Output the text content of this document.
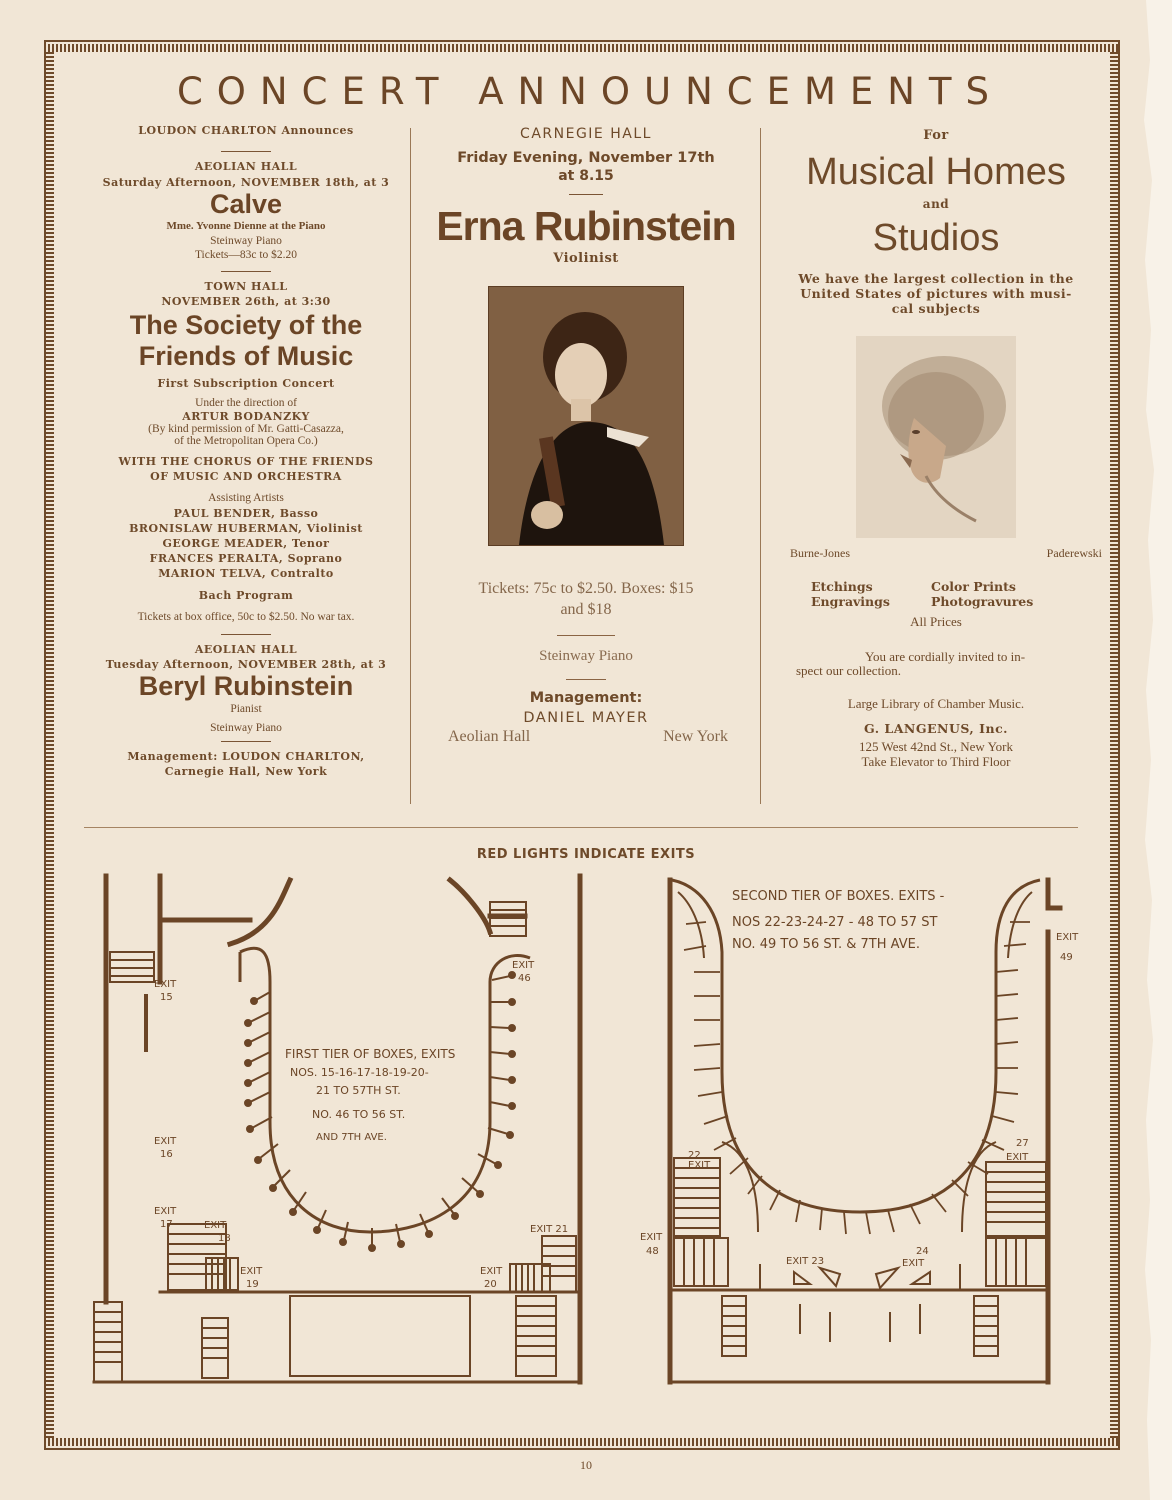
CONCERT ANNOUNCEMENTS
LOUDON CHARLTON Announces
AEOLIAN HALL
Saturday Afternoon, NOVEMBER 18th, at 3
Calve
Mme. Yvonne Dienne at the Piano
Steinway Piano
Tickets—83c to $2.20
TOWN HALL
NOVEMBER 26th, at 3:30
The Society of the
Friends of Music
First Subscription Concert
Under the direction of
ARTUR BODANZKY
(By kind permission of Mr. Gatti-Casazza,
of the Metropolitan Opera Co.)
WITH THE CHORUS OF THE FRIENDS
OF MUSIC AND ORCHESTRA
Assisting Artists
PAUL BENDER, Basso
BRONISLAW HUBERMAN, Violinist
GEORGE MEADER, Tenor
FRANCES PERALTA, Soprano
MARION TELVA, Contralto
Bach Program
Tickets at box office, 50c to $2.50. No war tax.
AEOLIAN HALL
Tuesday Afternoon, NOVEMBER 28th, at 3
Beryl Rubinstein
Pianist
Steinway Piano
Management: LOUDON CHARLTON,
Carnegie Hall, New York
CARNEGIE HALL
Friday Evening, November 17th
at 8.15
Erna Rubinstein
Violinist
Tickets: 75c to $2.50. Boxes: $15
and $18
Steinway Piano
Management:
DANIEL MAYER
Aeolian Hall	New York
For
Musical Homes
and
Studios
We have the largest collection in the
United States of pictures with musi-
cal subjects
Burne-Jones	Paderewski
Etchings	Color Prints
Engravings	Photogravures
All Prices
You are cordially invited to in-
spect our collection.
Large Library of Chamber Music.
G. LANGENUS, Inc.
125 West 42nd St., New York
Take Elevator to Third Floor
RED LIGHTS INDICATE EXITS
EXIT
15
EXIT
16
EXIT
17	EXIT
18
EXIT
19
EXIT
20
EXIT 21
EXIT
46
FIRST TIER OF BOXES, EXITS
NOS. 15-16-17-18-19-20-
21 TO 57TH ST.
NO. 46 TO 56 ST.
AND 7TH AVE.
SECOND TIER OF BOXES. EXITS -
NOS 22-23-24-27 - 48 TO 57 ST
NO. 49 TO 56 ST. & 7TH AVE.	EXIT
49
22
EXIT
27
EXIT
EXIT
48
EXIT 23
24
EXIT
10
